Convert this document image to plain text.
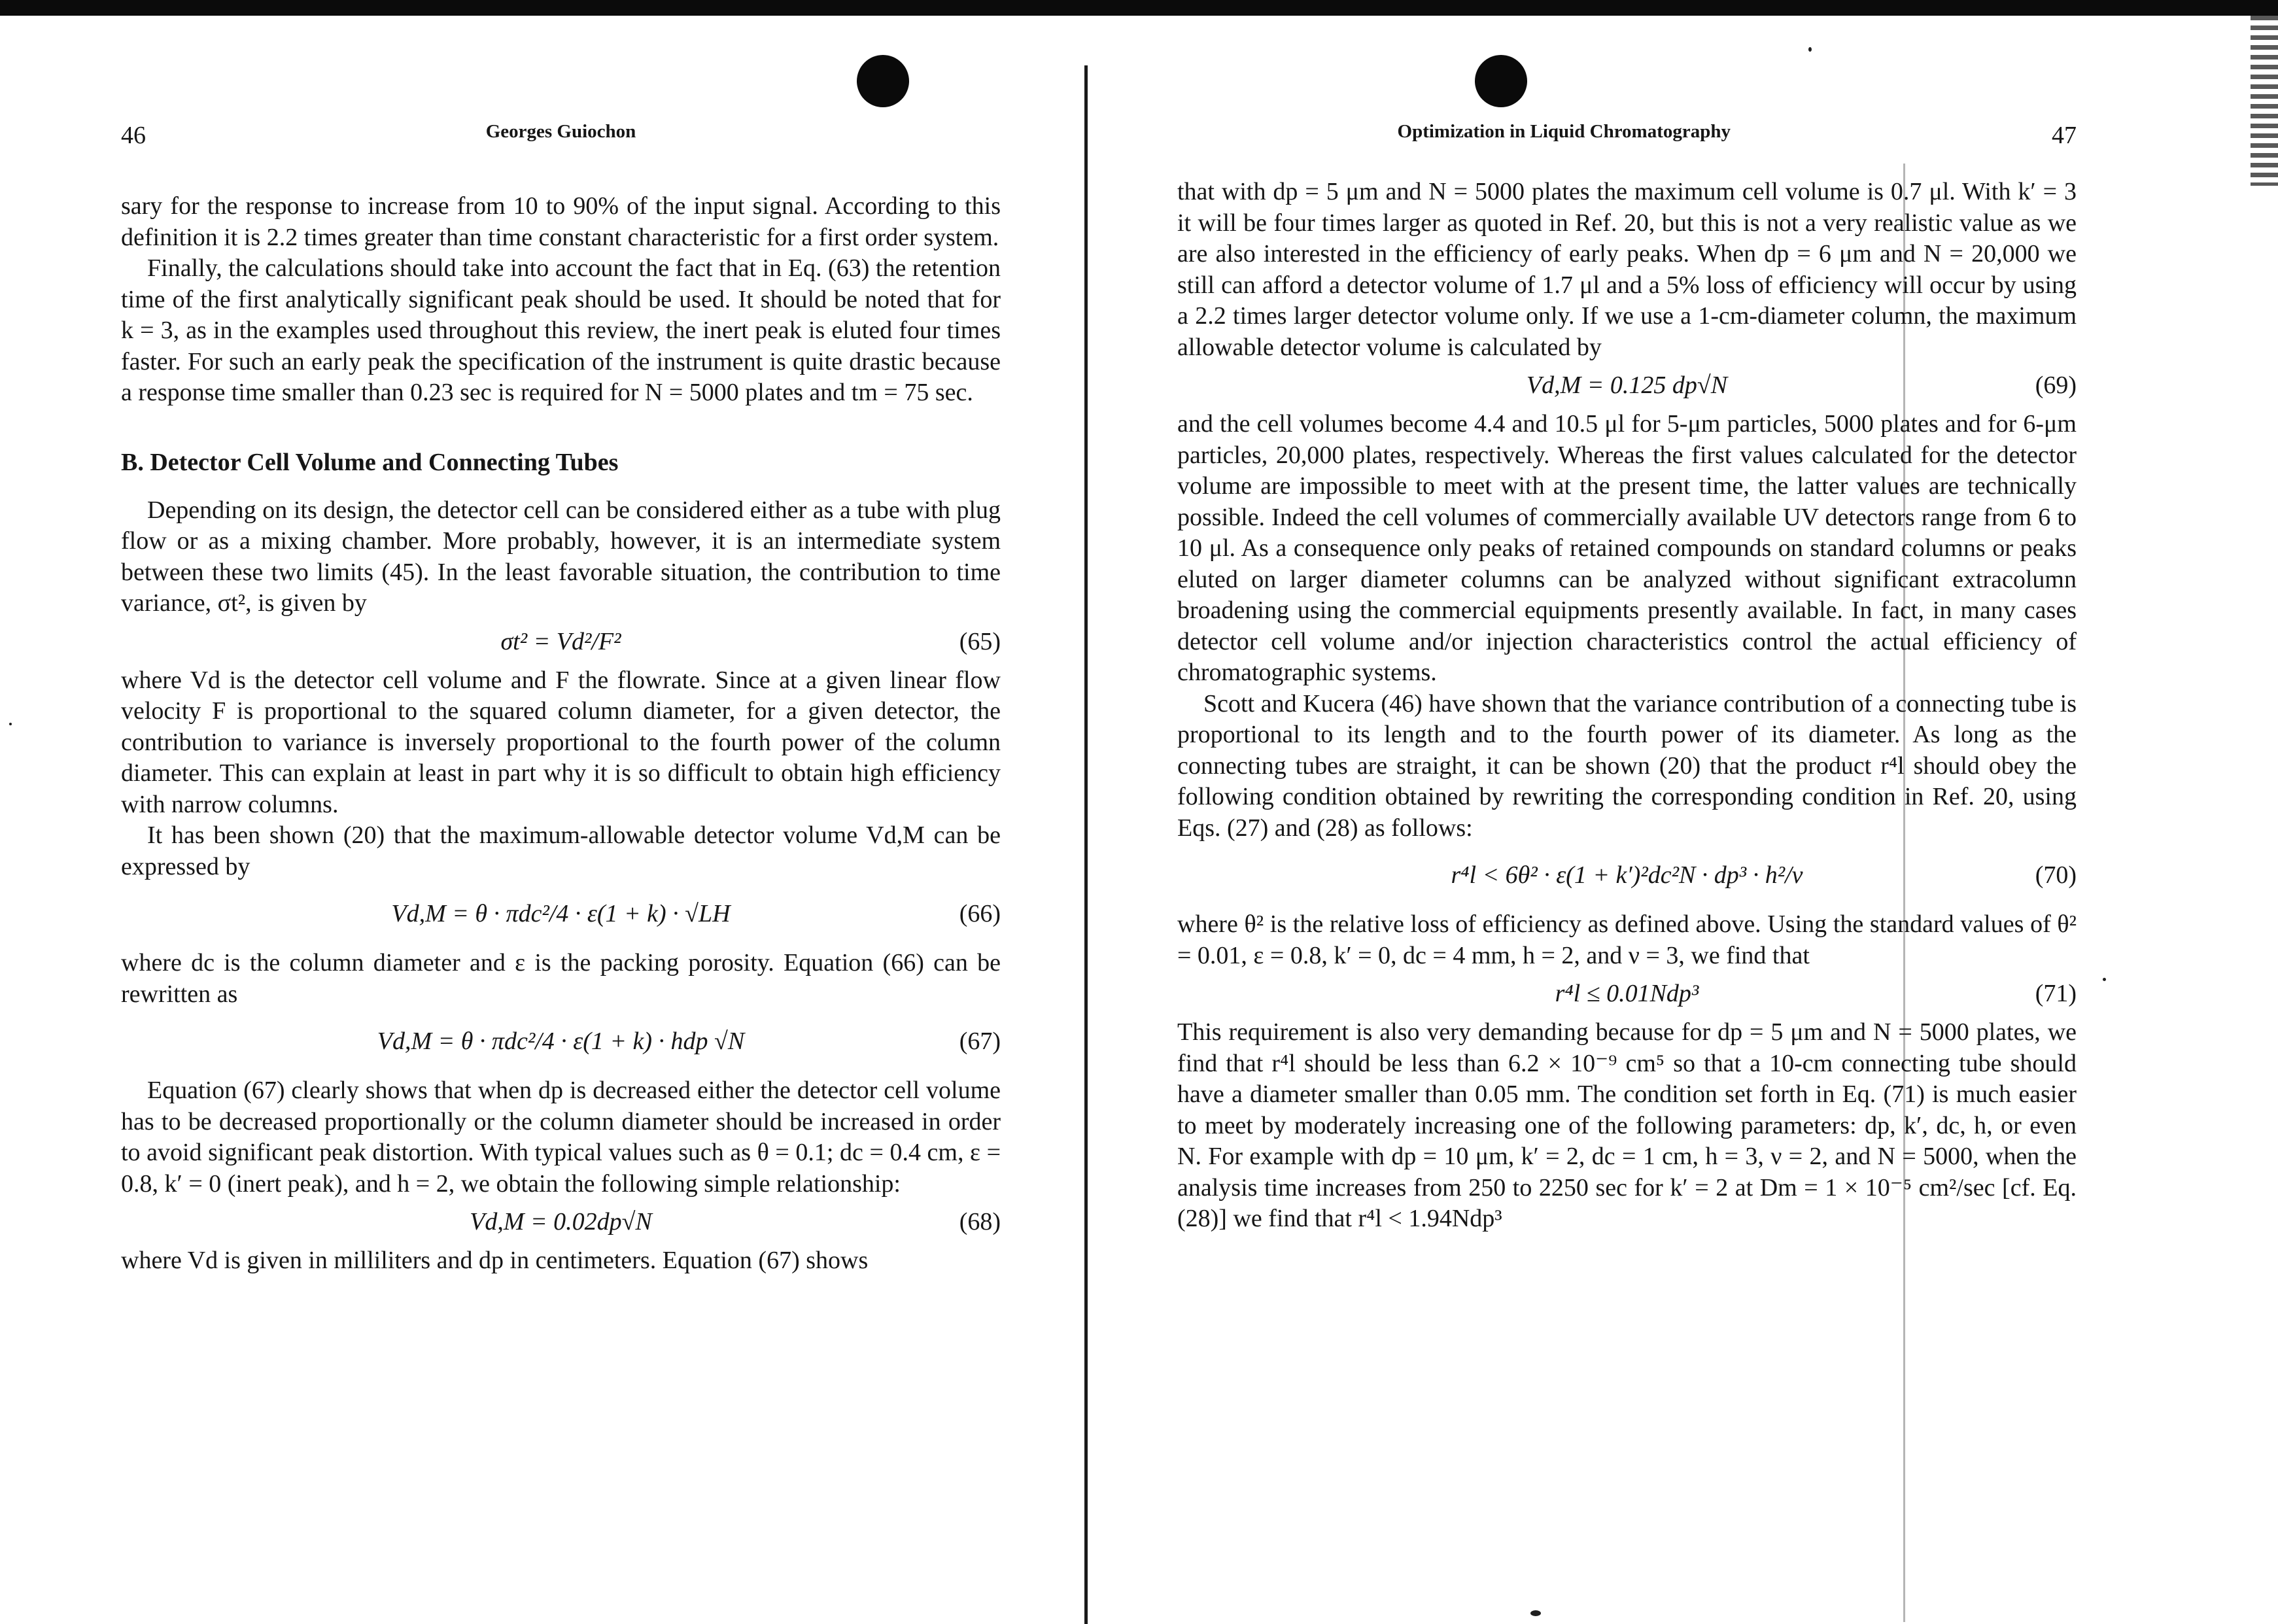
46	Georges Guiochon

sary for the response to increase from 10 to 90% of the input signal. According to this definition it is 2.2 times greater than time constant characteristic for a first order system.

Finally, the calculations should take into account the fact that in Eq. (63) the retention time of the first analytically significant peak should be used. It should be noted that for k = 3, as in the examples used throughout this review, the inert peak is eluted four times faster. For such an early peak the specification of the instrument is quite drastic because a response time smaller than 0.23 sec is required for N = 5000 plates and tm = 75 sec.

B. Detector Cell Volume and Connecting Tubes

Depending on its design, the detector cell can be considered either as a tube with plug flow or as a mixing chamber. More probably, however, it is an intermediate system between these two limits (45). In the least favorable situation, the contribution to time variance, σt², is given by

σt² = Vd²/F²	(65)

where Vd is the detector cell volume and F the flowrate. Since at a given linear flow velocity F is proportional to the squared column diameter, for a given detector, the contribution to variance is inversely proportional to the fourth power of the column diameter. This can explain at least in part why it is so difficult to obtain high efficiency with narrow columns.

It has been shown (20) that the maximum-allowable detector volume Vd,M can be expressed by

Vd,M = θ · πdc²/4 · ε(1 + k) · √LH	(66)

where dc is the column diameter and ε is the packing porosity. Equation (66) can be rewritten as

Vd,M = θ · πdc²/4 · ε(1 + k) · hdp √N	(67)

Equation (67) clearly shows that when dp is decreased either the detector cell volume has to be decreased proportionally or the column diameter should be increased in order to avoid significant peak distortion. With typical values such as θ = 0.1; dc = 0.4 cm, ε = 0.8, k′ = 0 (inert peak), and h = 2, we obtain the following simple relationship:

Vd,M = 0.02dp√N	(68)

where Vd is given in milliliters and dp in centimeters. Equation (67) shows

Optimization in Liquid Chromatography	47

that with dp = 5 μm and N = 5000 plates the maximum cell volume is 0.7 μl. With k′ = 3 it will be four times larger as quoted in Ref. 20, but this is not a very realistic value as we are also interested in the efficiency of early peaks. When dp = 6 μm and N = 20,000 we still can afford a detector volume of 1.7 μl and a 5% loss of efficiency will occur by using a 2.2 times larger detector volume only. If we use a 1-cm-diameter column, the maximum allowable detector volume is calculated by

Vd,M = 0.125 dp√N	(69)

and the cell volumes become 4.4 and 10.5 μl for 5-μm particles, 5000 plates and for 6-μm particles, 20,000 plates, respectively. Whereas the first values calculated for the detector volume are impossible to meet with at the present time, the latter values are technically possible. Indeed the cell volumes of commercially available UV detectors range from 6 to 10 μl. As a consequence only peaks of retained compounds on standard columns or peaks eluted on larger diameter columns can be analyzed without significant extracolumn broadening using the commercial equipments presently available. In fact, in many cases detector cell volume and/or injection characteristics control the actual efficiency of chromatographic systems.

Scott and Kucera (46) have shown that the variance contribution of a connecting tube is proportional to its length and to the fourth power of its diameter. As long as the connecting tubes are straight, it can be shown (20) that the product r⁴l should obey the following condition obtained by rewriting the corresponding condition in Ref. 20, using Eqs. (27) and (28) as follows:

r⁴l < 6θ² · ε(1 + k′)²dc²N · dp³ · h²/ν	(70)

where θ² is the relative loss of efficiency as defined above. Using the standard values of θ² = 0.01, ε = 0.8, k′ = 0, dc = 4 mm, h = 2, and ν = 3, we find that

r⁴l ≤ 0.01Ndp³	(71)

This requirement is also very demanding because for dp = 5 μm and N = 5000 plates, we find that r⁴l should be less than 6.2 × 10⁻⁹ cm⁵ so that a 10-cm connecting tube should have a diameter smaller than 0.05 mm. The condition set forth in Eq. (71) is much easier to meet by moderately increasing one of the following parameters: dp, k′, dc, h, or even N. For example with dp = 10 μm, k′ = 2, dc = 1 cm, h = 3, ν = 2, and N = 5000, when the analysis time increases from 250 to 2250 sec for k′ = 2 at Dm = 1 × 10⁻⁵ cm²/sec [cf. Eq. (28)] we find that r⁴l < 1.94Ndp³
